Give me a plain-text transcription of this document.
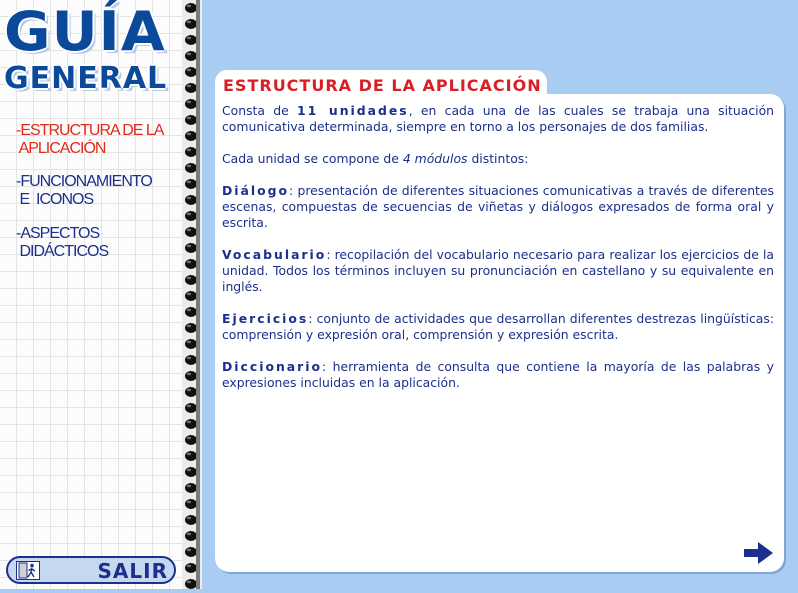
GUÍA
GENERAL
-ESTRUCTURA DE LA
APLICACIÓN
-FUNCIONAMIENTO
E  ICONOS
-ASPECTOS
DIDÁCTICOS
SALIR
ESTRUCTURA DE LA APLICACIÓN

Consta de 11 unidades, en cada una de las cuales se trabaja una situación comunicativa determinada, siempre en torno a los personajes de dos familias.

Cada unidad se compone de 4 módulos distintos:

Diálogo: presentación de diferentes situaciones comunicativas a través de diferentes escenas, compuestas de secuencias de viñetas y diálogos expresados de forma oral y escrita.

Vocabulario: recopilación del vocabulario necesario para realizar los ejercicios de la unidad. Todos los términos incluyen su pronunciación en castellano y su equivalente en inglés.

Ejercicios: conjunto de actividades que desarrollan diferentes destrezas lingüísticas: comprensión y expresión oral, comprensión y expresión escrita.

Diccionario: herramienta de consulta que contiene la mayoría de las palabras y expresiones incluidas en la aplicación.
